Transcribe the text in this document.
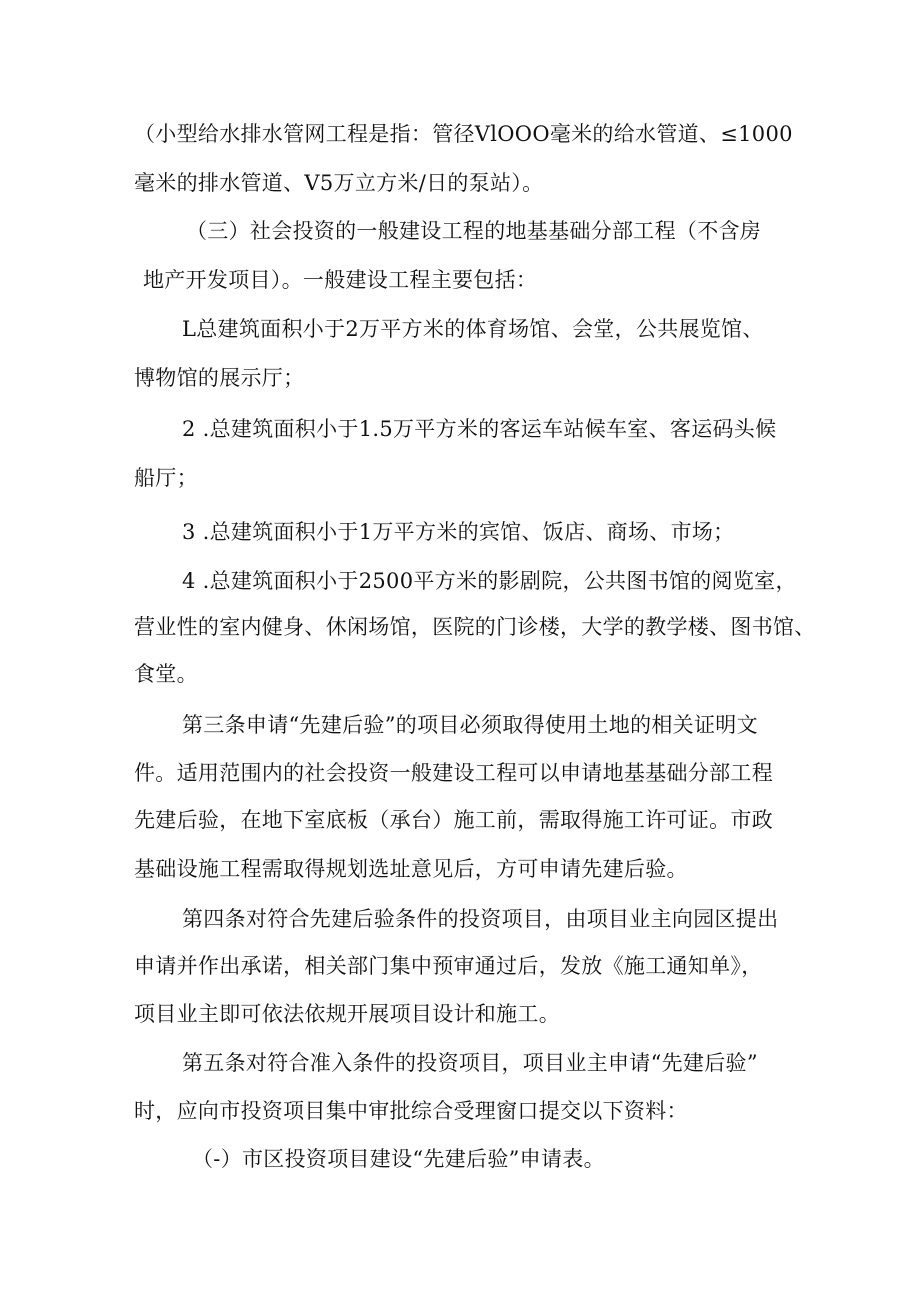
（小型给水排水管网工程是指：管径VlOOO毫米的给水管道、≤1000
毫米的排水管道、V5万立方米/日的泵站）。
（三）社会投资的一般建设工程的地基基础分部工程（不含房
地产开发项目）。一般建设工程主要包括：
L总建筑面积小于2万平方米的体育场馆、会堂，公共展览馆、
博物馆的展示厅；
2 .总建筑面积小于1.5万平方米的客运车站候车室、客运码头候
船厅；
3 .总建筑面积小于1万平方米的宾馆、饭店、商场、市场；
4 .总建筑面积小于2500平方米的影剧院，公共图书馆的阅览室，
营业性的室内健身、休闲场馆，医院的门诊楼，大学的教学楼、图书馆、
食堂。
第三条申请“先建后验”的项目必须取得使用土地的相关证明文
件。适用范围内的社会投资一般建设工程可以申请地基基础分部工程
先建后验，在地下室底板（承台）施工前，需取得施工许可证。市政
基础设施工程需取得规划选址意见后，方可申请先建后验。
第四条对符合先建后验条件的投资项目，由项目业主向园区提出
申请并作出承诺，相关部门集中预审通过后，发放《施工通知单》，
项目业主即可依法依规开展项目设计和施工。
第五条对符合准入条件的投资项目，项目业主申请“先建后验”
时，应向市投资项目集中审批综合受理窗口提交以下资料：
（-）市区投资项目建设“先建后验”申请表。
